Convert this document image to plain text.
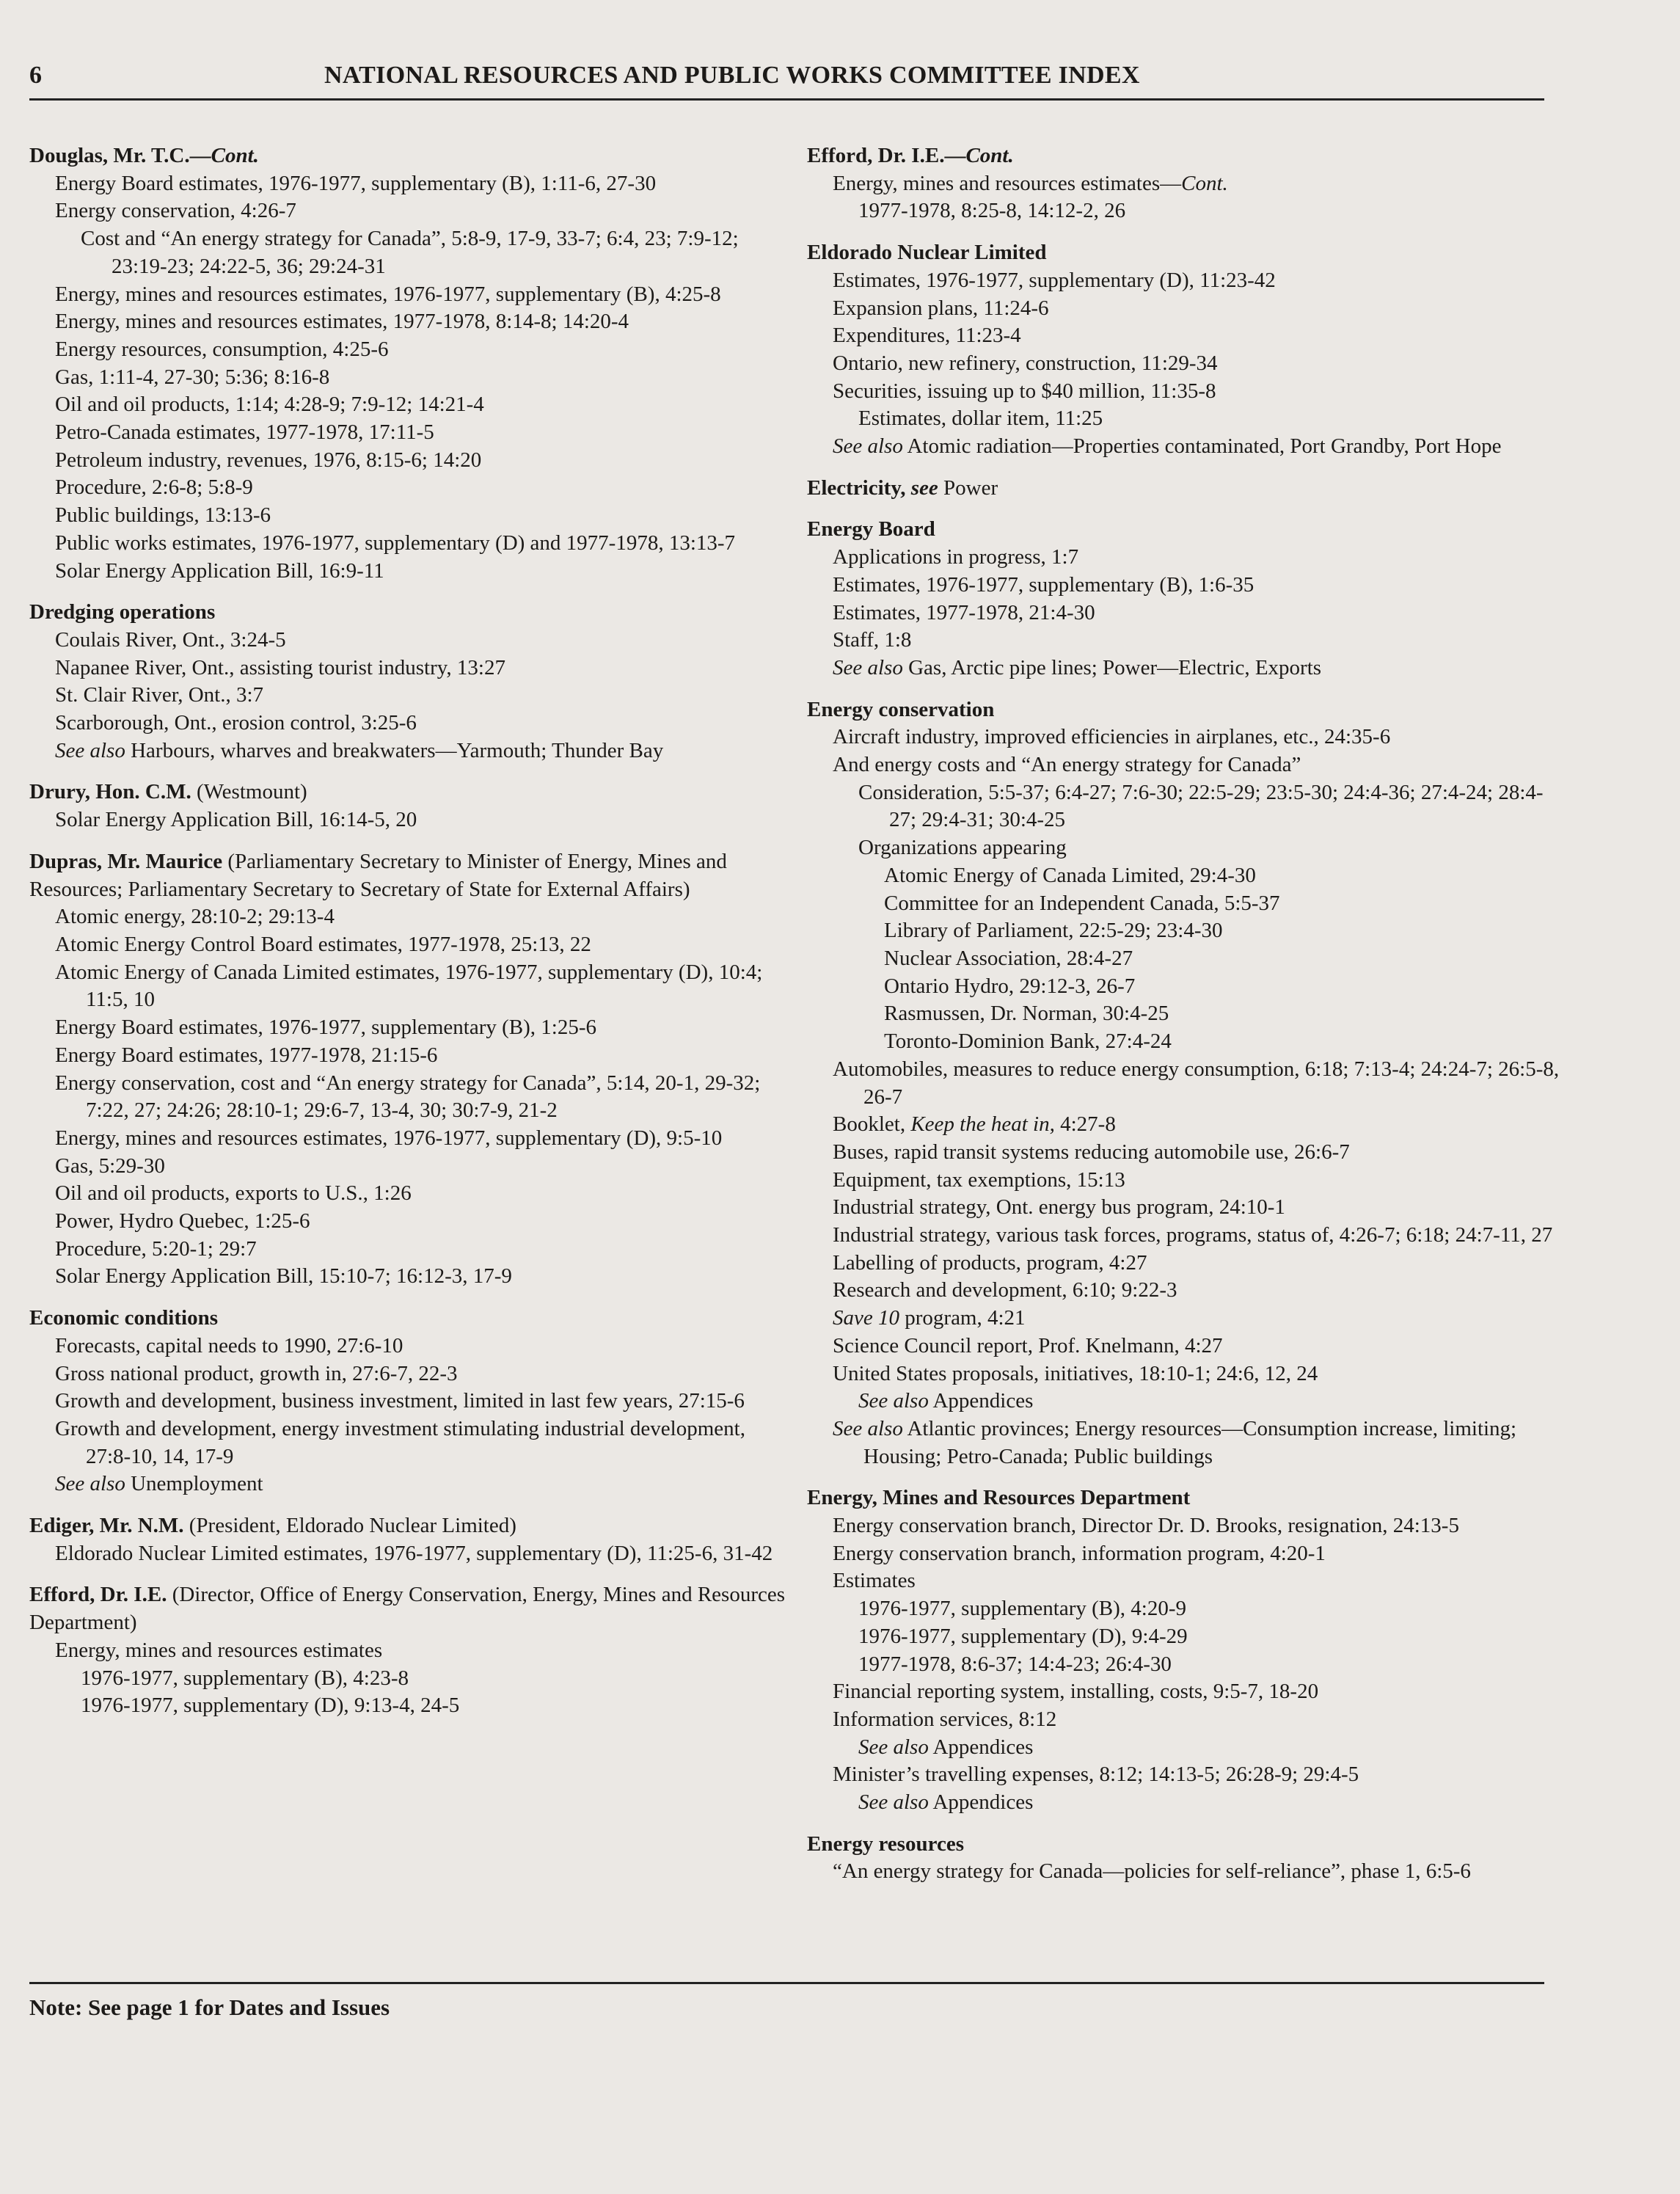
6	NATIONAL RESOURCES AND PUBLIC WORKS COMMITTEE INDEX
Douglas, Mr. T.C.—Cont.
Energy Board estimates, 1976-1977, supplementary (B), 1:11-6, 27-30
Energy conservation, 4:26-7
Cost and “An energy strategy for Canada”, 5:8-9, 17-9, 33-7; 6:4, 23; 7:9-12; 23:19-23; 24:22-5, 36; 29:24-31
Energy, mines and resources estimates, 1976-1977, supplementary (B), 4:25-8
Energy, mines and resources estimates, 1977-1978, 8:14-8; 14:20-4
Energy resources, consumption, 4:25-6
Gas, 1:11-4, 27-30; 5:36; 8:16-8
Oil and oil products, 1:14; 4:28-9; 7:9-12; 14:21-4
Petro-Canada estimates, 1977-1978, 17:11-5
Petroleum industry, revenues, 1976, 8:15-6; 14:20
Procedure, 2:6-8; 5:8-9
Public buildings, 13:13-6
Public works estimates, 1976-1977, supplementary (D) and 1977-1978, 13:13-7
Solar Energy Application Bill, 16:9-11
Dredging operations
Coulais River, Ont., 3:24-5
Napanee River, Ont., assisting tourist industry, 13:27
St. Clair River, Ont., 3:7
Scarborough, Ont., erosion control, 3:25-6
See also Harbours, wharves and breakwaters—Yarmouth; Thunder Bay
Drury, Hon. C.M. (Westmount)
Solar Energy Application Bill, 16:14-5, 20
Dupras, Mr. Maurice (Parliamentary Secretary to Minister of Energy, Mines and Resources; Parliamentary Secretary to Secretary of State for External Affairs)
Atomic energy, 28:10-2; 29:13-4
Atomic Energy Control Board estimates, 1977-1978, 25:13, 22
Atomic Energy of Canada Limited estimates, 1976-1977, supplementary (D), 10:4; 11:5, 10
Energy Board estimates, 1976-1977, supplementary (B), 1:25-6
Energy Board estimates, 1977-1978, 21:15-6
Energy conservation, cost and “An energy strategy for Canada”, 5:14, 20-1, 29-32; 7:22, 27; 24:26; 28:10-1; 29:6-7, 13-4, 30; 30:7-9, 21-2
Energy, mines and resources estimates, 1976-1977, supplementary (D), 9:5-10
Gas, 5:29-30
Oil and oil products, exports to U.S., 1:26
Power, Hydro Quebec, 1:25-6
Procedure, 5:20-1; 29:7
Solar Energy Application Bill, 15:10-7; 16:12-3, 17-9
Economic conditions
Forecasts, capital needs to 1990, 27:6-10
Gross national product, growth in, 27:6-7, 22-3
Growth and development, business investment, limited in last few years, 27:15-6
Growth and development, energy investment stimulating industrial development, 27:8-10, 14, 17-9
See also Unemployment
Ediger, Mr. N.M. (President, Eldorado Nuclear Limited)
Eldorado Nuclear Limited estimates, 1976-1977, supplementary (D), 11:25-6, 31-42
Efford, Dr. I.E. (Director, Office of Energy Conservation, Energy, Mines and Resources Department)
Energy, mines and resources estimates
1976-1977, supplementary (B), 4:23-8
1976-1977, supplementary (D), 9:13-4, 24-5
Efford, Dr. I.E.—Cont.
Energy, mines and resources estimates—Cont.
1977-1978, 8:25-8, 14:12-2, 26
Eldorado Nuclear Limited
Estimates, 1976-1977, supplementary (D), 11:23-42
Expansion plans, 11:24-6
Expenditures, 11:23-4
Ontario, new refinery, construction, 11:29-34
Securities, issuing up to $40 million, 11:35-8
Estimates, dollar item, 11:25
See also Atomic radiation—Properties contaminated, Port Grandby, Port Hope
Electricity, see Power
Energy Board
Applications in progress, 1:7
Estimates, 1976-1977, supplementary (B), 1:6-35
Estimates, 1977-1978, 21:4-30
Staff, 1:8
See also Gas, Arctic pipe lines; Power—Electric, Exports
Energy conservation
Aircraft industry, improved efficiencies in airplanes, etc., 24:35-6
And energy costs and “An energy strategy for Canada”
Consideration, 5:5-37; 6:4-27; 7:6-30; 22:5-29; 23:5-30; 24:4-36; 27:4-24; 28:4-27; 29:4-31; 30:4-25
Organizations appearing
Atomic Energy of Canada Limited, 29:4-30
Committee for an Independent Canada, 5:5-37
Library of Parliament, 22:5-29; 23:4-30
Nuclear Association, 28:4-27
Ontario Hydro, 29:12-3, 26-7
Rasmussen, Dr. Norman, 30:4-25
Toronto-Dominion Bank, 27:4-24
Automobiles, measures to reduce energy consumption, 6:18; 7:13-4; 24:24-7; 26:5-8, 26-7
Booklet, Keep the heat in, 4:27-8
Buses, rapid transit systems reducing automobile use, 26:6-7
Equipment, tax exemptions, 15:13
Industrial strategy, Ont. energy bus program, 24:10-1
Industrial strategy, various task forces, programs, status of, 4:26-7; 6:18; 24:7-11, 27
Labelling of products, program, 4:27
Research and development, 6:10; 9:22-3
Save 10 program, 4:21
Science Council report, Prof. Knelmann, 4:27
United States proposals, initiatives, 18:10-1; 24:6, 12, 24
See also Appendices
See also Atlantic provinces; Energy resources—Consumption increase, limiting; Housing; Petro-Canada; Public buildings
Energy, Mines and Resources Department
Energy conservation branch, Director Dr. D. Brooks, resignation, 24:13-5
Energy conservation branch, information program, 4:20-1
Estimates
1976-1977, supplementary (B), 4:20-9
1976-1977, supplementary (D), 9:4-29
1977-1978, 8:6-37; 14:4-23; 26:4-30
Financial reporting system, installing, costs, 9:5-7, 18-20
Information services, 8:12
See also Appendices
Minister’s travelling expenses, 8:12; 14:13-5; 26:28-9; 29:4-5
See also Appendices
Energy resources
“An energy strategy for Canada—policies for self-reliance”, phase 1, 6:5-6
Note: See page 1 for Dates and Issues
